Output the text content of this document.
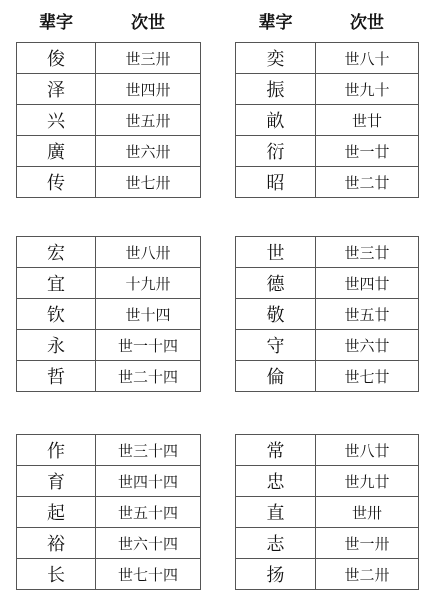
辈字	次世	辈字	次世
俊	世三卅
泽	世四卅
兴	世五卅
廣	世六卅
传	世七卅
奕	世八十
振	世九十
畝	世廿
衍	世一廿
昭	世二廿
宏	世八卅
宜	十九卅
钦	世十四
永	世一十四
哲	世二十四
世	世三廿
德	世四廿
敬	世五廿
守	世六廿
倫	世七廿
作	世三十四
育	世四十四
起	世五十四
裕	世六十四
长	世七十四
常	世八廿
忠	世九廿
直	世卅
志	世一卅
扬	世二卅
